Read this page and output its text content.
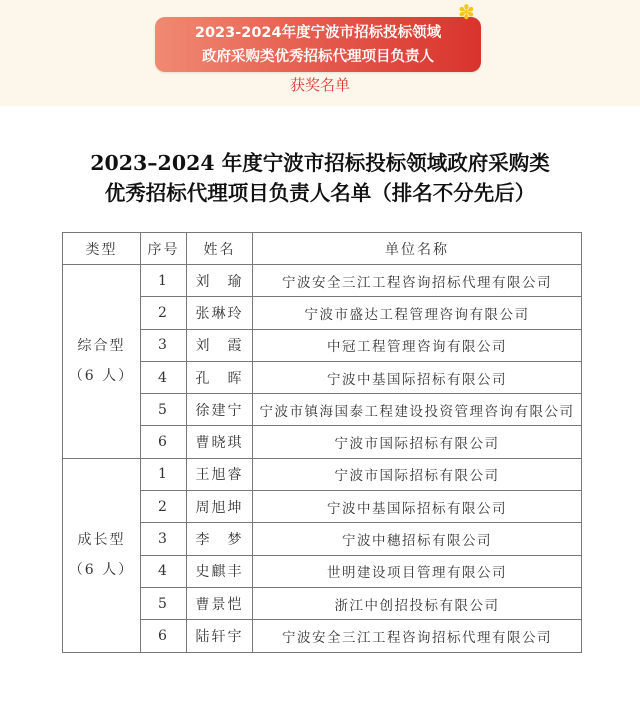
2023-2024年度宁波市招标投标领域
政府采购类优秀招标代理项目负责人
✽
获奖名单
2023–2024 年度宁波市招标投标领域政府采购类
优秀招标代理项目负责人名单（排名不分先后）
类型	序号	姓名	单位名称

综合型
（6 人）	1	刘　瑜	宁波安全三江工程咨询招标代理有限公司
	2	张琳玲	宁波市盛达工程管理咨询有限公司
	3	刘　霞	中冠工程管理咨询有限公司
	4	孔　晖	宁波中基国际招标有限公司
	5	徐建宁	宁波市镇海国泰工程建设投资管理咨询有限公司
	6	曹晓琪	宁波市国际招标有限公司

成长型
（6 人）	1	王旭睿	宁波市国际招标有限公司
	2	周旭坤	宁波中基国际招标有限公司
	3	李　梦	宁波中穗招标有限公司
	4	史麒丰	世明建设项目管理有限公司
	5	曹景恺	浙江中创招投标有限公司
	6	陆轩宇	宁波安全三江工程咨询招标代理有限公司
